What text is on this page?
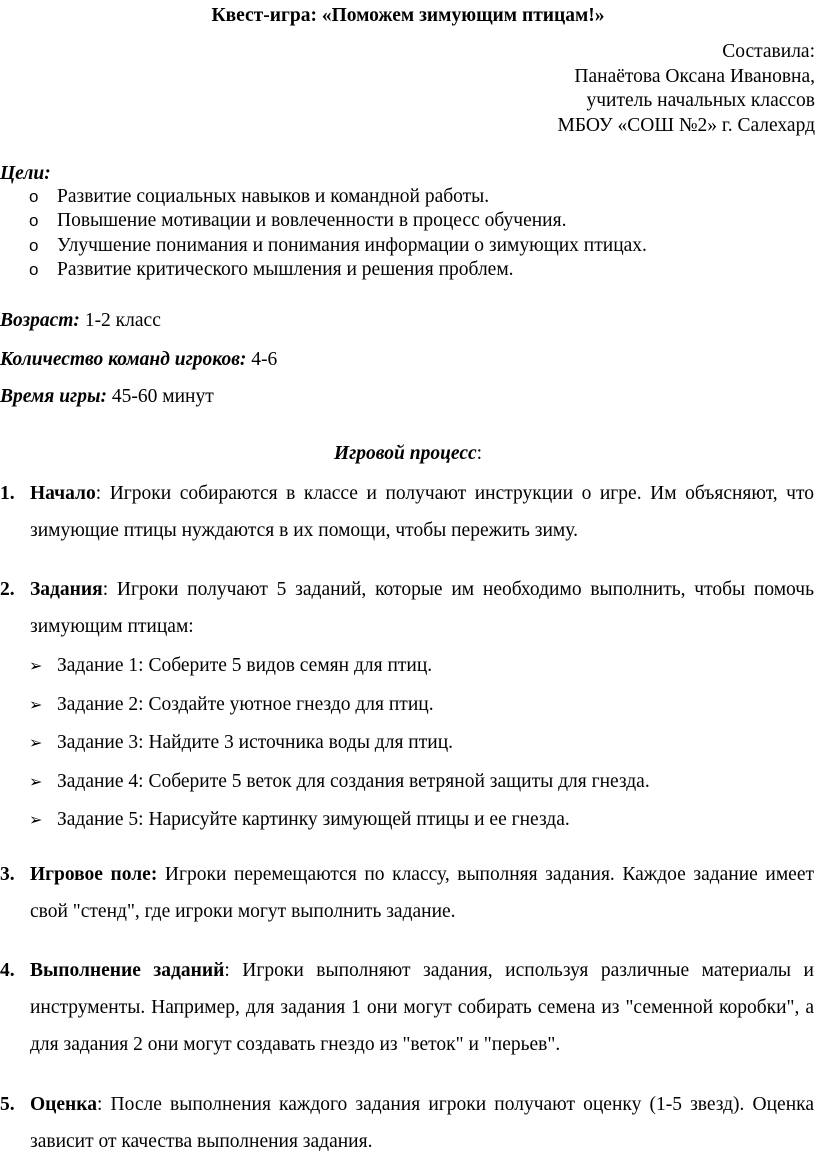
Квест-игра: «Поможем зимующим птицам!»
Составила:
Панаётова Оксана Ивановна,
учитель начальных классов
МБОУ «СОШ №2» г. Салехард
Цели:
o Развитие социальных навыков и командной работы.
o Повышение мотивации и вовлеченности в процесс обучения.
o Улучшение понимания и понимания информации о зимующих птицах.
o Развитие критического мышления и решения проблем.
Возраст: 1-2 класс
Количество команд игроков: 4-6
Время игры: 45-60 минут
Игровой процесс:
1. Начало: Игроки собираются в классе и получают инструкции о игре. Им объясняют, что зимующие птицы нуждаются в их помощи, чтобы пережить зиму.
2. Задания: Игроки получают 5 заданий, которые им необходимо выполнить, чтобы помочь зимующим птицам:
➢ Задание 1: Соберите 5 видов семян для птиц.
➢ Задание 2: Создайте уютное гнездо для птиц.
➢ Задание 3: Найдите 3 источника воды для птиц.
➢ Задание 4: Соберите 5 веток для создания ветряной защиты для гнезда.
➢ Задание 5: Нарисуйте картинку зимующей птицы и ее гнезда.
3. Игровое поле: Игроки перемещаются по классу, выполняя задания. Каждое задание имеет свой "стенд", где игроки могут выполнить задание.
4. Выполнение заданий: Игроки выполняют задания, используя различные материалы и инструменты. Например, для задания 1 они могут собирать семена из "семенной коробки", а для задания 2 они могут создавать гнездо из "веток" и "перьев".
5. Оценка: После выполнения каждого задания игроки получают оценку (1-5 звезд). Оценка зависит от качества выполнения задания.
